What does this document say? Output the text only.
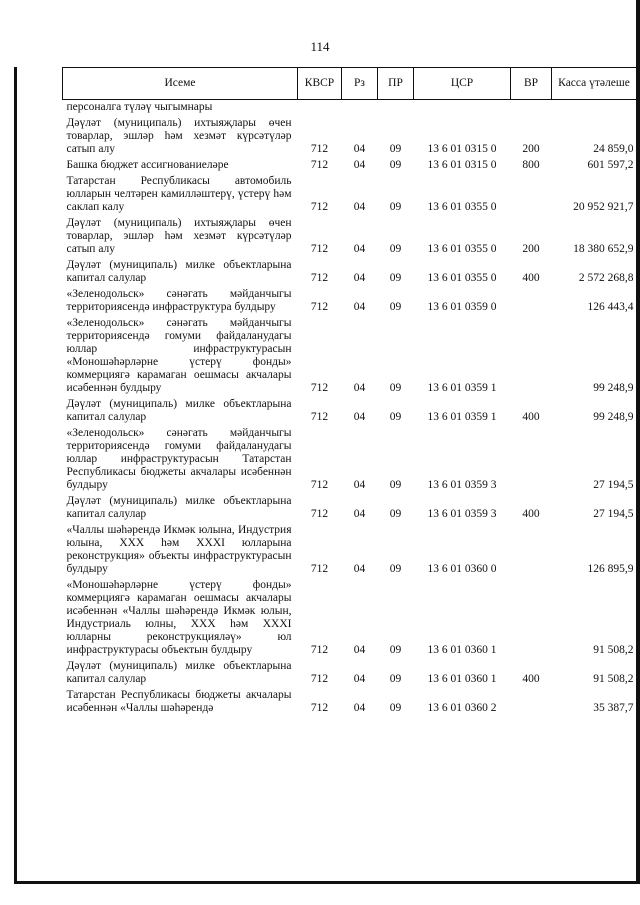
114
Исеме	КВСР	Рз	ПР	ЦСР	ВР	Касса үтәлеше
персоналга түләү чыгымнары						
Дәүләт (муниципаль) ихтыяҗлары өчен товарлар, эшләр һәм хезмәт күрсәтүләр сатып алу	712	04	09	13 6 01 0315 0	200	24 859,0
Башка бюджет ассигнованиеләре	712	04	09	13 6 01 0315 0	800	601 597,2
Татарстан Республикасы автомобиль юлларын челтәрен камилләштерү, үстерү һәм саклап калу	712	04	09	13 6 01 0355 0		20 952 921,7
Дәүләт (муниципаль) ихтыяҗлары өчен товарлар, эшләр һәм хезмәт күрсәтүләр сатып алу	712	04	09	13 6 01 0355 0	200	18 380 652,9
Дәүләт (муниципаль) милке объектларына капитал салулар	712	04	09	13 6 01 0355 0	400	2 572 268,8
«Зеленодольск» сәнәгать мәйданчыгы территориясендә инфраструктура булдыру	712	04	09	13 6 01 0359 0		126 443,4
«Зеленодольск» сәнәгать мәйданчыгы территориясендә гомуми файдаланудагы юллар инфраструктурасын «Моношәһәрләрне үстерү фонды» коммерциягә карамаган оешмасы акчалары исәбеннән булдыру	712	04	09	13 6 01 0359 1		99 248,9
Дәүләт (муниципаль) милке объектларына капитал салулар	712	04	09	13 6 01 0359 1	400	99 248,9
«Зеленодольск» сәнәгать мәйданчыгы территориясендә гомуми файдаланудагы юллар инфраструктурасын Татарстан Республикасы бюджеты акчалары исәбеннән булдыру	712	04	09	13 6 01 0359 3		27 194,5
Дәүләт (муниципаль) милке объектларына капитал салулар	712	04	09	13 6 01 0359 3	400	27 194,5
«Чаллы шәһәрендә Икмәк юлына, Индустрия юлына, XXX һәм XXXI юлларына реконструкция» объекты инфраструктурасын булдыру	712	04	09	13 6 01 0360 0		126 895,9
«Моношәһәрләрне үстерү фонды» коммерциягә карамаган оешмасы акчалары исәбеннән «Чаллы шәһәрендә Икмәк юлын, Индустриаль юлны, XXX һәм XXXI юлларны реконструкцияләү» юл инфраструктурасы объектын булдыру	712	04	09	13 6 01 0360 1		91 508,2
Дәүләт (муниципаль) милке объектларына капитал салулар	712	04	09	13 6 01 0360 1	400	91 508,2
Татарстан Республикасы бюджеты акчалары исәбеннән «Чаллы шәһәрендә	712	04	09	13 6 01 0360 2		35 387,7
